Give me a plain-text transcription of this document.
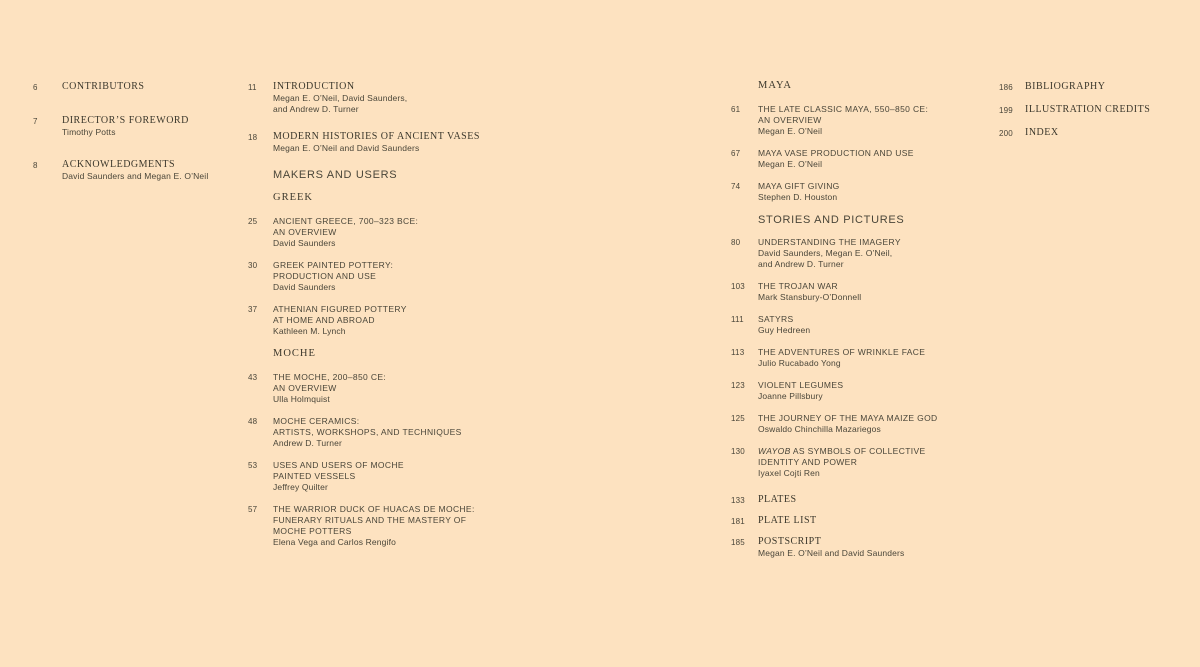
6	CONTRIBUTORS
7	DIRECTOR’S FOREWORD
Timothy Potts
8	ACKNOWLEDGMENTS
David Saunders and Megan E. O’Neil
11	INTRODUCTION
Megan E. O’Neil, David Saunders,
and Andrew D. Turner
18	MODERN HISTORIES OF ANCIENT VASES
Megan E. O’Neil and David Saunders
MAKERS AND USERS
GREEK
25	ANCIENT GREECE, 700–323 BCE:
AN OVERVIEW
David Saunders
30	GREEK PAINTED POTTERY:
PRODUCTION AND USE
David Saunders
37	ATHENIAN FIGURED POTTERY
AT HOME AND ABROAD
Kathleen M. Lynch
MOCHE
43	THE MOCHE, 200–850 CE:
AN OVERVIEW
Ulla Holmquist
48	MOCHE CERAMICS:
ARTISTS, WORKSHOPS, AND TECHNIQUES
Andrew D. Turner
53	USES AND USERS OF MOCHE
PAINTED VESSELS
Jeffrey Quilter
57	THE WARRIOR DUCK OF HUACAS DE MOCHE:
FUNERARY RITUALS AND THE MASTERY OF
MOCHE POTTERS
Elena Vega and Carlos Rengifo
MAYA
61	THE LATE CLASSIC MAYA, 550–850 CE:
AN OVERVIEW
Megan E. O’Neil
67	MAYA VASE PRODUCTION AND USE
Megan E. O’Neil
74	MAYA GIFT GIVING
Stephen D. Houston
STORIES AND PICTURES
80	UNDERSTANDING THE IMAGERY
David Saunders, Megan E. O’Neil,
and Andrew D. Turner
103	THE TROJAN WAR
Mark Stansbury-O’Donnell
111	SATYRS
Guy Hedreen
113	THE ADVENTURES OF WRINKLE FACE
Julio Rucabado Yong
123	VIOLENT LEGUMES
Joanne Pillsbury
125	THE JOURNEY OF THE MAYA MAIZE GOD
Oswaldo Chinchilla Mazariegos
130	WAYOB AS SYMBOLS OF COLLECTIVE
IDENTITY AND POWER
Iyaxel Cojti Ren
133	PLATES
181	PLATE LIST
185	POSTSCRIPT
Megan E. O’Neil and David Saunders
186	BIBLIOGRAPHY
199	ILLUSTRATION CREDITS
200	INDEX
